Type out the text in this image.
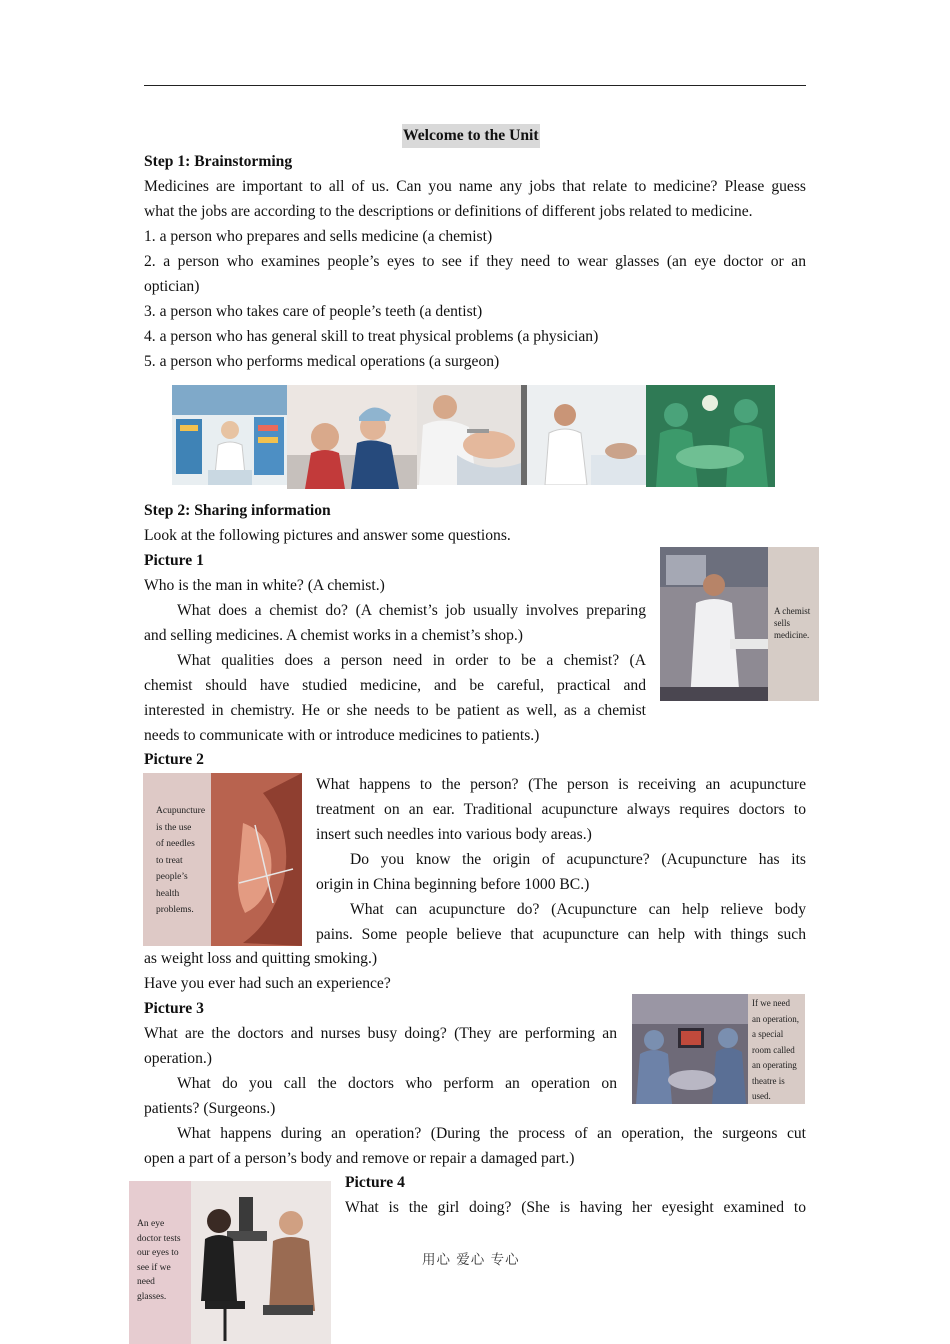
Welcome to the Unit
Step 1: Brainstorming
Medicines are important to all of us. Can you name any jobs that relate to medicine? Please guess
what the jobs are according to the descriptions or definitions of different jobs related to medicine.
1. a person who prepares and sells medicine (a chemist)
2. a person who examines people’s eyes to see if they need to wear glasses (an eye doctor or an
optician)
3. a person who takes care of people’s teeth (a dentist)
4. a person who has general skill to treat physical problems (a physician)
5. a person who performs medical operations (a surgeon)
Step 2: Sharing information
Look at the following pictures and answer some questions.
Picture 1
Who is the man in white? (A chemist.)
What does a chemist do? (A chemist’s job usually involves preparing
and selling medicines. A chemist works in a chemist’s shop.)
What qualities does a person need in order to be a chemist? (A
chemist should have studied medicine, and be careful, practical and
interested in chemistry. He or she needs to be patient as well, as a chemist
needs to communicate with or introduce medicines to patients.)
A chemist
sells
medicine.
Picture 2
Acupuncture
is the use
of needles
to treat
people’s
health
problems.
What happens to the person? (The person is receiving an acupuncture
treatment on an ear. Traditional acupuncture always requires doctors to
insert such needles into various body areas.)
Do you know the origin of acupuncture? (Acupuncture has its
origin in China beginning before 1000 BC.)
What can acupuncture do? (Acupuncture can help relieve body
pains. Some people believe that acupuncture can help with things such
as weight loss and quitting smoking.)
Have you ever had such an experience?
Picture 3
What are the doctors and nurses busy doing? (They are performing an
operation.)
What do you call the doctors who perform an operation on
patients? (Surgeons.)
What happens during an operation? (During the process of an operation, the surgeons cut
open a part of a person’s body and remove or repair a damaged part.)
If we need
an operation,
a special
room called
an operating
theatre is
used.
An eye
doctor tests
our eyes to
see if we
need
glasses.
Picture 4
What is the girl doing? (She is having her eyesight examined to
用心 爱心 专心
